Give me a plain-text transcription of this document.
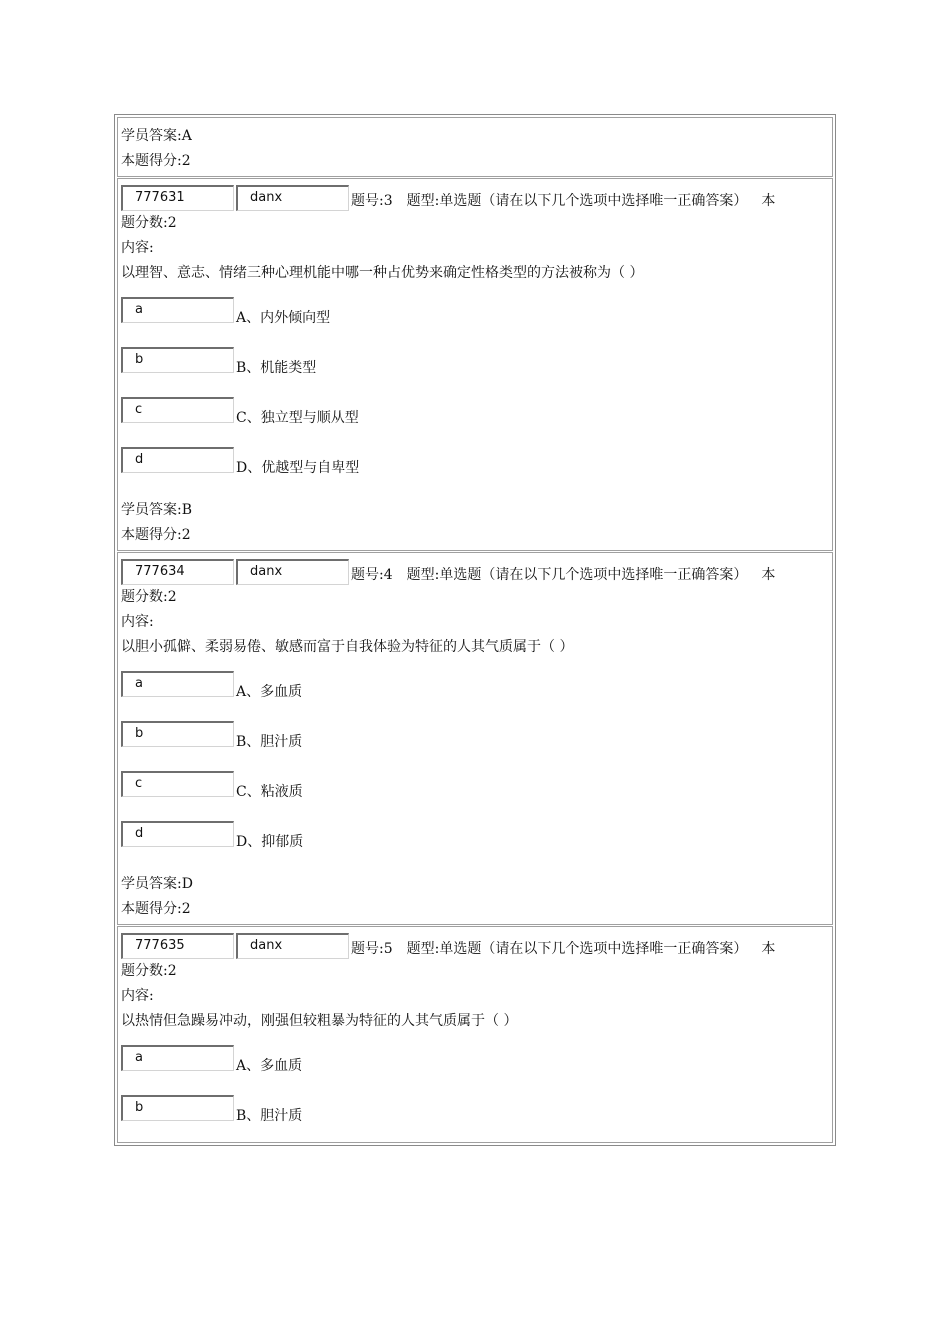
学员答案:A
本题得分:2
777631	danx	题号:3 题型:单选题（请在以下几个选项中选择唯一正确答案） 本
题分数:2
内容:
以理智、意志、情绪三种心理机能中哪一种占优势来确定性格类型的方法被称为（ ）
a	A、内外倾向型
b	B、机能类型
c	C、独立型与顺从型
d	D、优越型与自卑型
学员答案:B
本题得分:2
777634	danx	题号:4 题型:单选题（请在以下几个选项中选择唯一正确答案） 本
题分数:2
内容:
以胆小孤僻、柔弱易倦、敏感而富于自我体验为特征的人其气质属于（ ）
a	A、多血质
b	B、胆汁质
c	C、粘液质
d	D、抑郁质
学员答案:D
本题得分:2
777635	danx	题号:5 题型:单选题（请在以下几个选项中选择唯一正确答案） 本
题分数:2
内容:
以热情但急躁易冲动，刚强但较粗暴为特征的人其气质属于（ ）
a	A、多血质
b	B、胆汁质
